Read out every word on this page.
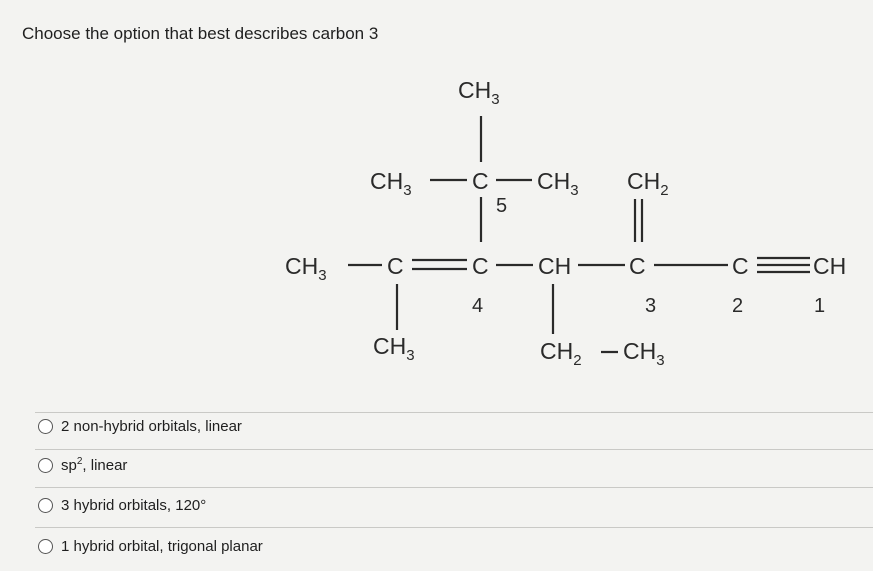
Choose the option that best describes carbon 3
$CH_3$
$CH_3$	C $CH_3$
5
$CH_2$
$CH_3$	C	C CH	C	C	CH
4	3	2	1
$CH_3$	$CH_2$ $CH_3$
2 non-hybrid orbitals, linear
$sp^2$, linear
3 hybrid orbitals, 120°
1 hybrid orbital, trigonal planar
